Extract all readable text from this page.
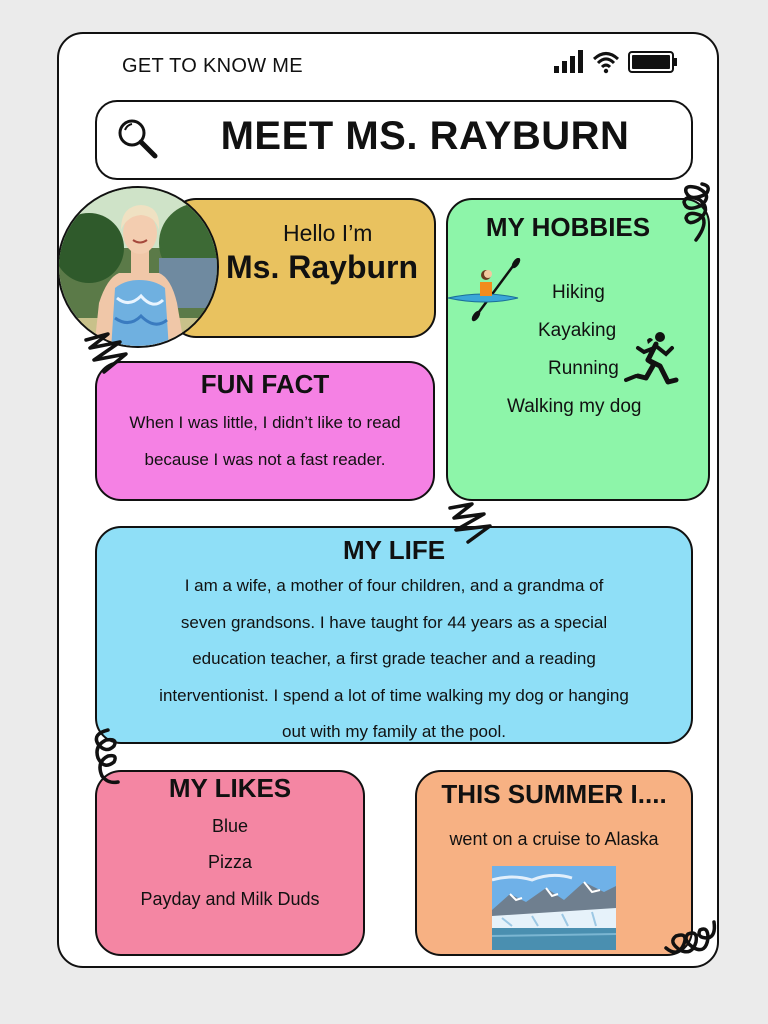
GET TO KNOW ME
MEET MS. RAYBURN
Hello I’m
Ms. Rayburn
MY HOBBIES
Hiking
Kayaking
Running
Walking my dog
FUN FACT
When I was little, I didn’t like to read
because I was not a fast reader.
MY LIFE
I am a wife, a mother of four children, and a grandma of
seven grandsons. I have taught for 44 years as a special
education teacher, a first grade teacher and a reading
interventionist. I spend a lot of time walking my dog or hanging
out with my family at the pool.
MY LIKES
Blue
Pizza
Payday and Milk Duds
THIS SUMMER I....
went on a cruise to Alaska
